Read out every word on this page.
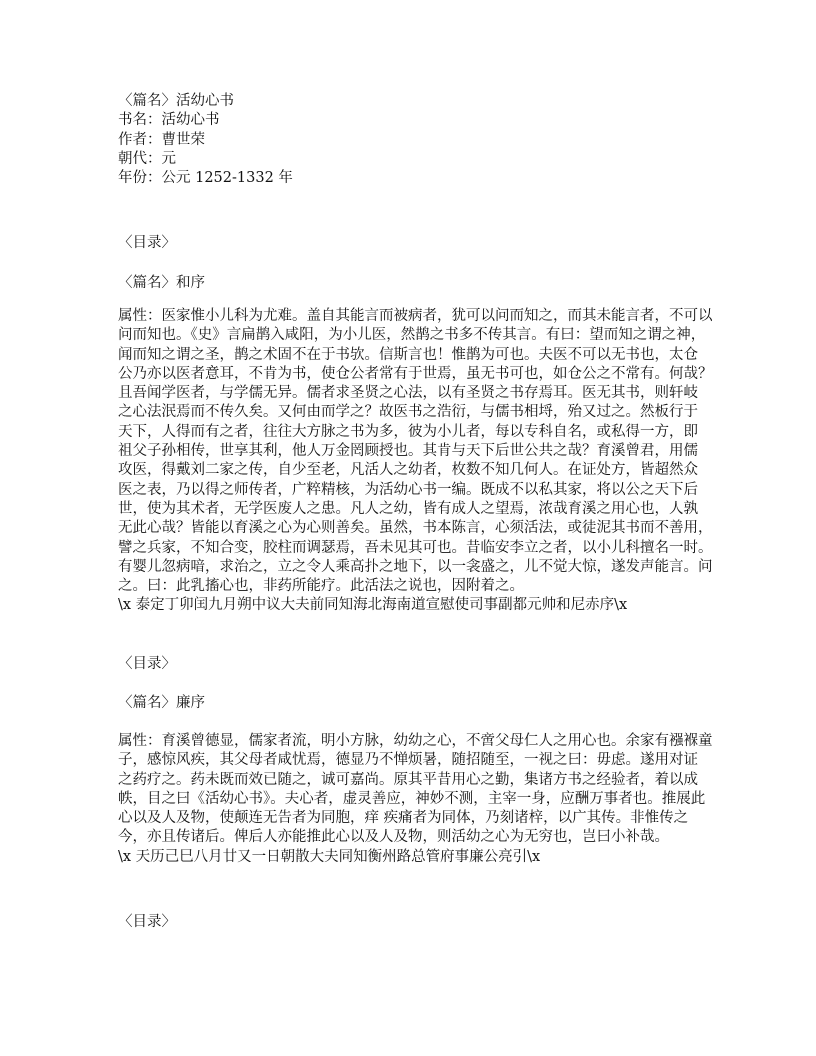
〈篇名〉活幼心书
书名：活幼心书
作者：曹世荣
朝代：元
年份：公元 1252-1332 年
〈目录〉
〈篇名〉和序
属性：医家惟小儿科为尤难。盖自其能言而被病者，犹可以问而知之，而其未能言者，不可以
问而知也。《史》言扁鹊入咸阳，为小儿医，然鹊之书多不传其言。有曰：望而知之谓之神，
闻而知之谓之圣，鹊之术固不在于书欤。信斯言也！惟鹊为可也。夫医不可以无书也，太仓
公乃亦以医者意耳，不肯为书，使仓公者常有于世焉，虽无书可也，如仓公之不常有。何哉？
且吾闻学医者，与学儒无异。儒者求圣贤之心法，以有圣贤之书存焉耳。医无其书，则轩岐
之心法泯焉而不传久矣。又何由而学之？故医书之浩衍，与儒书相埒，殆又过之。然板行于
天下，人得而有之者，往往大方脉之书为多，彼为小儿者，每以专科自名，或私得一方，即
祖父子孙相传，世享其利，他人万金罔顾授也。其肯与天下后世公共之哉？育溪曾君，用儒
攻医，得戴刘二家之传，自少至老，凡活人之幼者，枚数不知几何人。在证处方，皆超然众
医之表，乃以得之师传者，广粹精核，为活幼心书一编。既成不以私其家，将以公之天下后
世，使为其术者，无学医废人之患。凡人之幼，皆有成人之望焉，浓哉育溪之用心也，人孰
无此心哉？皆能以育溪之心为心则善矣。虽然，书本陈言，心须活法，或徒泥其书而不善用，
譬之兵家，不知合变，胶柱而调瑟焉，吾未见其可也。昔临安李立之者，以小儿科擅名一时。
有婴儿忽病喑，求治之，立之令人乘高扑之地下，以一衾盛之，儿不觉大惊，遂发声能言。问
之。曰：此乳搐心也，非药所能疗。此活法之说也，因附着之。
\x 泰定丁卯闰九月朔中议大夫前同知海北海南道宣慰使司事副都元帅和尼赤序\x
〈目录〉
〈篇名〉廉序
属性：育溪曾德显，儒家者流，明小方脉，幼幼之心，不啻父母仁人之用心也。余家有襁褓童
子，感惊风疾，其父母者咸忧焉，德显乃不惮烦暑，随招随至，一视之曰：毋虑。遂用对证
之药疗之。药未既而效已随之，诚可嘉尚。原其平昔用心之勤，集诸方书之经验者，着以成
帙，目之曰《活幼心书》。夫心者，虚灵善应，神妙不测，主宰一身，应酬万事者也。推展此
心以及人及物，使颠连无告者为同胞，痒 疾痛者为同体，乃刻诸梓，以广其传。非惟传之
今，亦且传诸后。俾后人亦能推此心以及人及物，则活幼之心为无穷也，岂曰小补哉。
\x 天历己巳八月廿又一日朝散大夫同知衡州路总管府事廉公亮引\x
〈目录〉
